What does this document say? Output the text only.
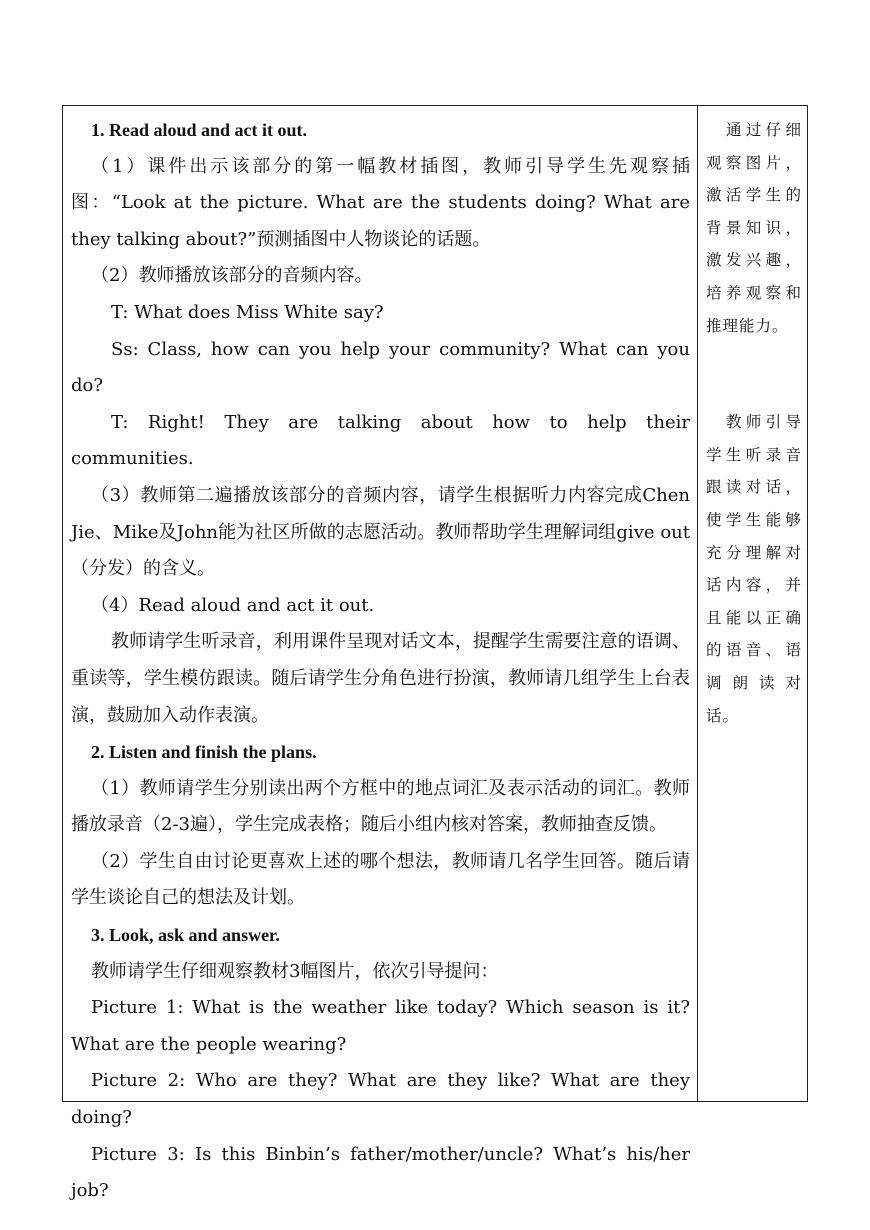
1. Read aloud and act it out.

（1）课件出示该部分的第一幅教材插图，教师引导学生先观察插图：“Look at the picture. What are the students doing? What are they talking about?”预测插图中人物谈论的话题。

（2）教师播放该部分的音频内容。

T: What does Miss White say?

Ss: Class, how can you help your community? What can you do?

T: Right! They are talking about how to help their communities.

（3）教师第二遍播放该部分的音频内容，请学生根据听力内容完成Chen Jie、Mike及John能为社区所做的志愿活动。教师帮助学生理解词组give out（分发）的含义。

（4）Read aloud and act it out.

教师请学生听录音，利用课件呈现对话文本，提醒学生需要注意的语调、重读等，学生模仿跟读。随后请学生分角色进行扮演，教师请几组学生上台表演，鼓励加入动作表演。

2. Listen and finish the plans.

（1）教师请学生分别读出两个方框中的地点词汇及表示活动的词汇。教师播放录音（2-3遍），学生完成表格；随后小组内核对答案，教师抽查反馈。

（2）学生自由讨论更喜欢上述的哪个想法，教师请几名学生回答。随后请学生谈论自己的想法及计划。

3. Look, ask and answer.

教师请学生仔细观察教材3幅图片，依次引导提问：

Picture 1: What is the weather like today? Which season is it? What are the people wearing?

Picture 2: Who are they? What are they like? What are they doing?

Picture 3: Is this Binbin’s father/mother/uncle? What’s his/her job?

通过仔细观察图片，激活学生的背景知识，激发兴趣，培养观察和推理能力。

教师引导学生听录音跟读对话，使学生能够充分理解对话内容，并且能以正确的语音、语调朗读对话。
